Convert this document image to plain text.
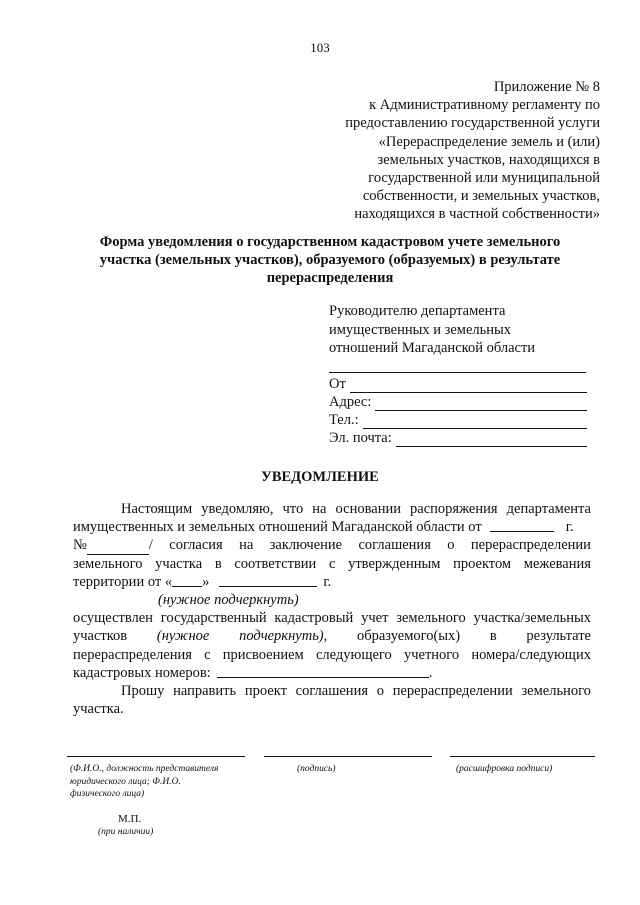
103
Приложение № 8
к Административному регламенту по
предоставлению государственной услуги
«Перераспределение земель и (или)
земельных участков, находящихся в
государственной или муниципальной
собственности, и земельных участков,
находящихся в частной собственности»
Форма уведомления о государственном кадастровом учете земельного
участка (земельных участков), образуемого (образуемых) в результате
перераспределения
Руководителю департамента
имущественных и земельных
отношений Магаданской области
От
Адрес:
Тел.:
Эл. почта:
УВЕДОМЛЕНИЕ
Настоящим уведомляю, что на основании распоряжения департамента
имущественных и земельных отношений Магаданской области от	г.
№	/ согласия на заключение соглашения о перераспределении
земельного участка в соответствии с утвержденным проектом межевания
территории от « »	г.
(нужное подчеркнуть)
осуществлен государственный кадастровый учет земельного участка/земельных
участков (нужное подчеркнуть), образуемого(ых) в результате
перераспределения с присвоением следующего учетного номера/следующих
кадастровых номеров:	.
Прошу направить проект соглашения о перераспределении земельного
участка.
(Ф.И.О., должность представителя
юридического лица; Ф.И.О.
физического лица)
(подпись)	(расшифровка подписи)
М.П.
(при наличии)
